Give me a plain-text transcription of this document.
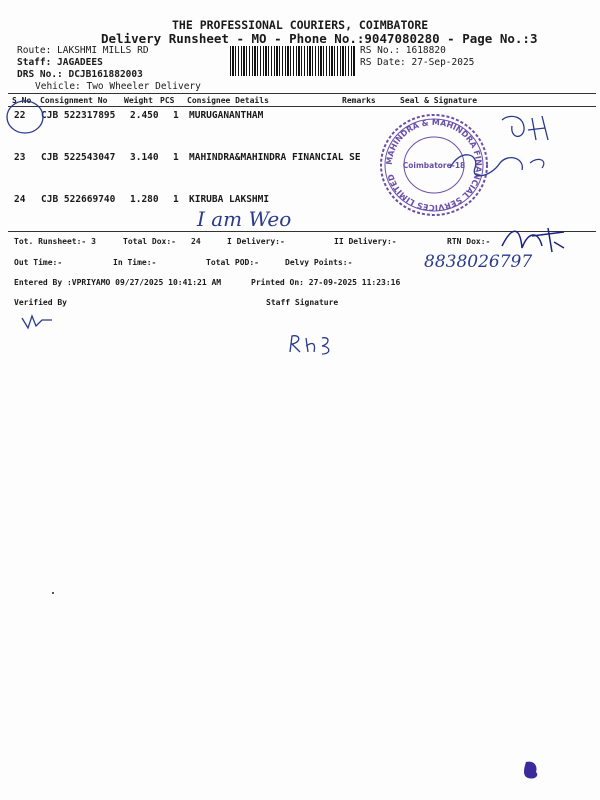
THE PROFESSIONAL COURIERS, COIMBATORE
Delivery Runsheet - MO - Phone No.:9047080280 - Page No.:3
Route: LAKSHMI MILLS RD
Staff: JAGADEES
DRS No.: DCJB161882003
Vehicle: Two Wheeler Delivery
RS No.: 1618820
RS Date: 27-Sep-2025
S No Consignment No Weight PCS Consignee Details	Remarks	Seal & Signature
22 CJB 522317895 2.450 1 MURUGANANTHAM
23 CJB 522543047 3.140 1 MAHINDRA&MAHINDRA FINANCIAL SE
24 CJB 522669740 1.280 1 KIRUBA LAKSHMI
I am Weo
MAHINDRA & MAHINDRA FINANCIAL SERVICES LIMITED
Coimbatore-18
Tot. Runsheet:- 3	Total Dox:- 24	I Delivery:-	II Delivery:-	RTN Dox:-
8838026797
Out Time:-	In Time:-	Total POD:-	Delvy Points:-
Entered By :VPRIYAMO 09/27/2025 10:41:21 AM	Printed On: 27-09-2025 11:23:16
Verified By	Staff Signature
